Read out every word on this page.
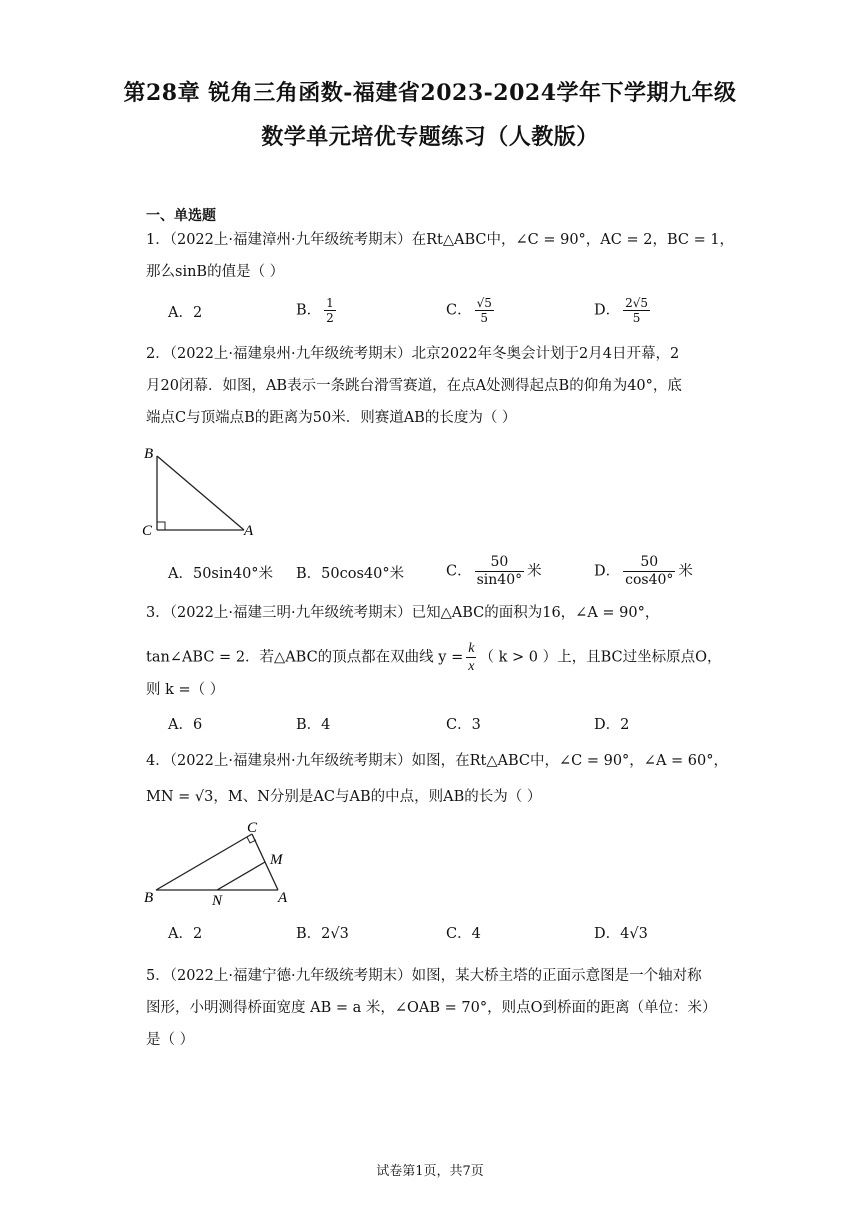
第28章 锐角三角函数-福建省2023-2024学年下学期九年级
数学单元培优专题练习（人教版）
一、单选题
1．（2022上·福建漳州·九年级统考期末）在Rt△ABC中，∠C = 90°，AC = 2，BC = 1，
那么sinB的值是（ ）
A．2	B． $\frac{1}{2}$	C． $\frac{√5}{5}$	D． $\frac{2√5}{5}$
2．（2022上·福建泉州·九年级统考期末）北京2022年冬奥会计划于2月4日开幕，2
月20闭幕．如图，AB表示一条跳台滑雪赛道，在点A处测得起点B的仰角为40°，底
端点C与顶端点B的距离为50米．则赛道AB的长度为（ ）
B
C	A
A．50sin40°米 B．50cos40°米	C． $\frac{50}{\sin 40^\circ}$ 米	D． $\frac{50}{\cos 40^\circ}$ 米
3．（2022上·福建三明·九年级统考期末）已知△ABC的面积为16，∠A = 90°，
tan∠ABC = 2．若△ABC的顶点都在双曲线 $y = \frac{k}{x}$ （ k > 0 ）上，且BC过坐标原点O，
则 k =（ ）
A．6	B．4	C．3	D．2
4．（2022上·福建泉州·九年级统考期末）如图，在Rt△ABC中，∠C = 90°，∠A = 60°，
MN = √3，M、N分别是AC与AB的中点，则AB的长为（ ）
C
M
B	N	A
A．2	B．2√3	C．4	D．4√3
5．（2022上·福建宁德·九年级统考期末）如图，某大桥主塔的正面示意图是一个轴对称
图形，小明测得桥面宽度 AB = a 米，∠OAB = 70°，则点O到桥面的距离（单位：米）
是（ ）
试卷第1页，共7页
